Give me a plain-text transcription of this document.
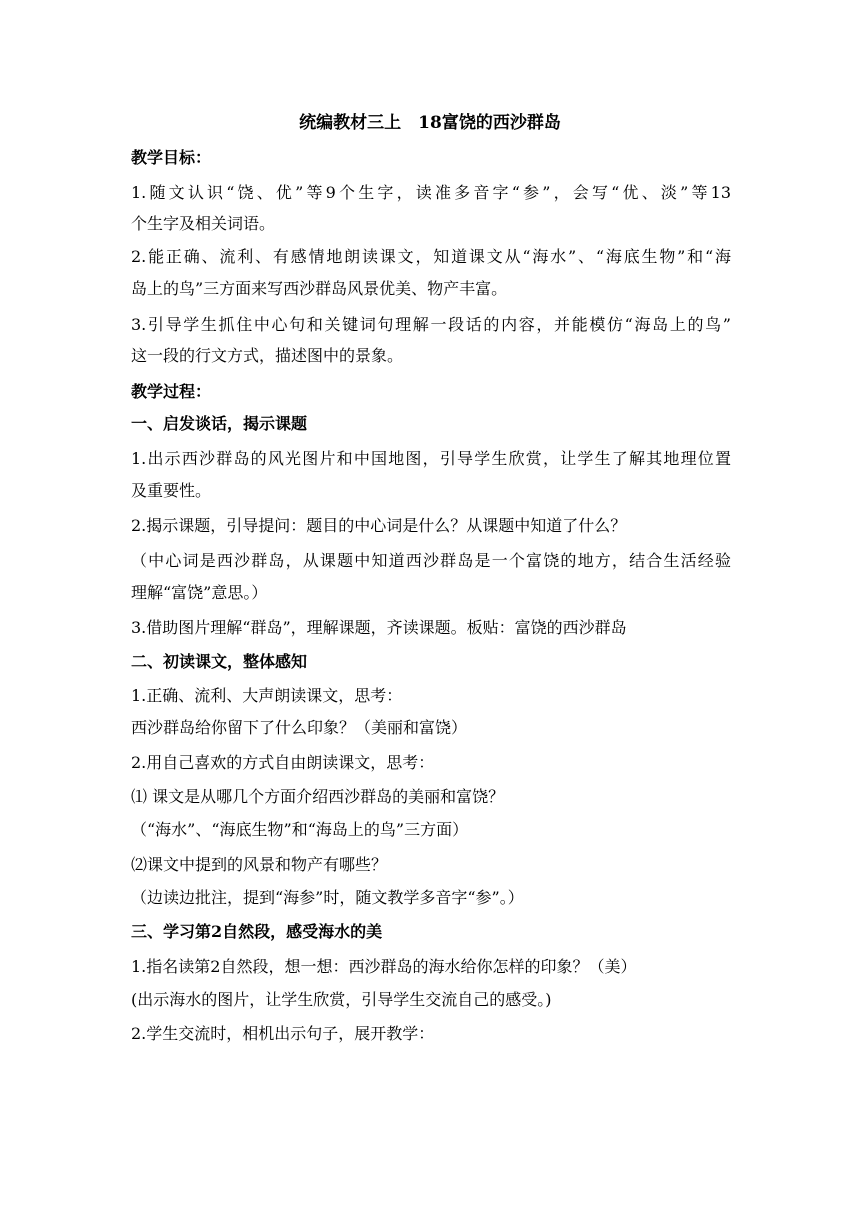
统编教材三上　18富饶的西沙群岛
教学目标：
1.随文认识“饶、优”等9个生字，读准多音字“参”，会写“优、淡”等13
个生字及相关词语。
2.能正确、流利、有感情地朗读课文，知道课文从“海水”、“海底生物”和“海
岛上的鸟”三方面来写西沙群岛风景优美、物产丰富。
3.引导学生抓住中心句和关键词句理解一段话的内容，并能模仿“海岛上的鸟”
这一段的行文方式，描述图中的景象。
教学过程：
一、启发谈话，揭示课题
1.出示西沙群岛的风光图片和中国地图，引导学生欣赏，让学生了解其地理位置
及重要性。
2.揭示课题，引导提问：题目的中心词是什么？从课题中知道了什么？
（中心词是西沙群岛，从课题中知道西沙群岛是一个富饶的地方，结合生活经验
理解“富饶”意思。）
3.借助图片理解“群岛”，理解课题，齐读课题。板贴：富饶的西沙群岛
二、初读课文，整体感知
1.正确、流利、大声朗读课文，思考：
西沙群岛给你留下了什么印象？（美丽和富饶）
2.用自己喜欢的方式自由朗读课文，思考：
⑴ 课文是从哪几个方面介绍西沙群岛的美丽和富饶？
（“海水”、“海底生物”和“海岛上的鸟”三方面）
⑵课文中提到的风景和物产有哪些？
（边读边批注，提到“海参”时，随文教学多音字“参”。）
三、学习第2自然段，感受海水的美
1.指名读第2自然段，想一想：西沙群岛的海水给你怎样的印象？（美）
(出示海水的图片，让学生欣赏，引导学生交流自己的感受。)
2.学生交流时，相机出示句子，展开教学：
